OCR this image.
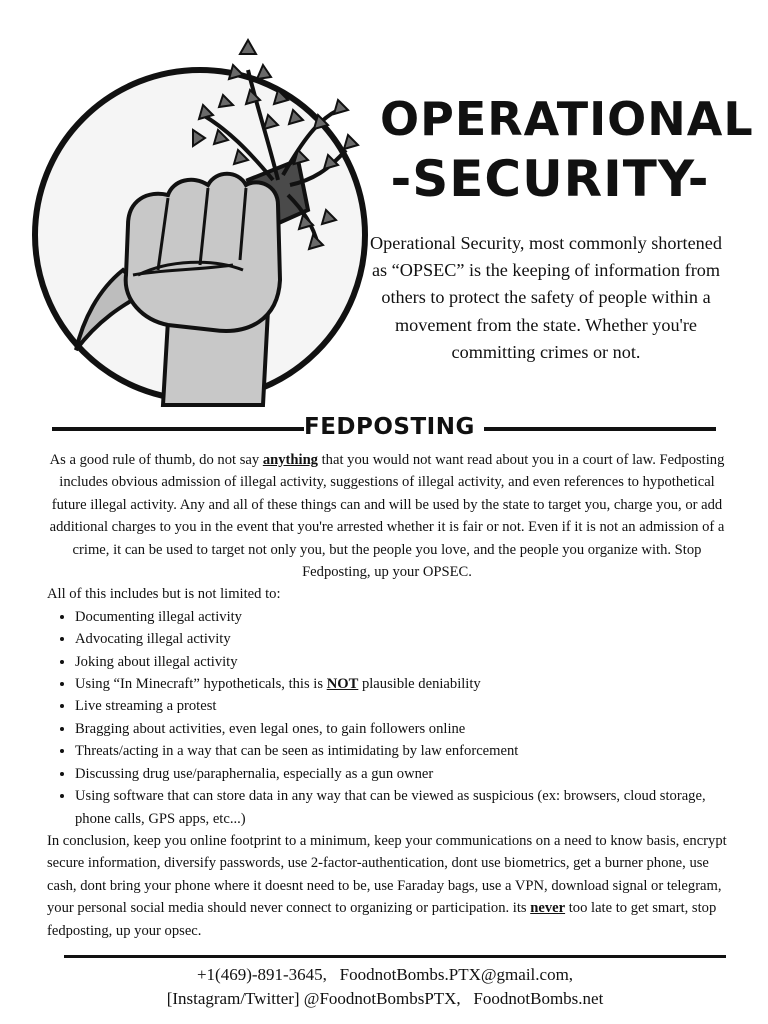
OPERATIONAL
-SECURITY-
Operational Security, most commonly shortened as “OPSEC” is the keeping of information from others to protect the safety of people within a movement from the state. Whether you're committing crimes or not.
FEDPOSTING

As a good rule of thumb, do not say anything that you would not want read about you in a court of law. Fedposting includes obvious admission of illegal activity, suggestions of illegal activity, and even references to hypothetical future illegal activity. Any and all of these things can and will be used by the state to target you, charge you, or add additional charges to you in the event that you're arrested whether it is fair or not. Even if it is not an admission of a crime, it can be used to target not only you, but the people you love, and the people you organize with. Stop Fedposting, up your OPSEC.

All of this includes but is not limited to:

• Documenting illegal activity
• Advocating illegal activity
• Joking about illegal activity
• Using “In Minecraft” hypotheticals, this is NOT plausible deniability
• Live streaming a protest
• Bragging about activities, even legal ones, to gain followers online
• Threats/acting in a way that can be seen as intimidating by law enforcement
• Discussing drug use/paraphernalia, especially as a gun owner
• Using software that can store data in any way that can be viewed as suspicious (ex: browsers, cloud storage, phone calls, GPS apps, etc...)

In conclusion, keep you online footprint to a minimum, keep your communications on a need to know basis, encrypt secure information, diversify passwords, use 2-factor-authentication, dont use biometrics, get a burner phone, use cash, dont bring your phone where it doesnt need to be, use Faraday bags, use a VPN, download signal or telegram, your personal social media should never connect to organizing or participation. its never too late to get smart, stop fedposting, up your opsec.

+1(469)-891-3645,   FoodnotBombs.PTX@gmail.com,
[Instagram/Twitter] @FoodnotBombsPTX,   FoodnotBombs.net
